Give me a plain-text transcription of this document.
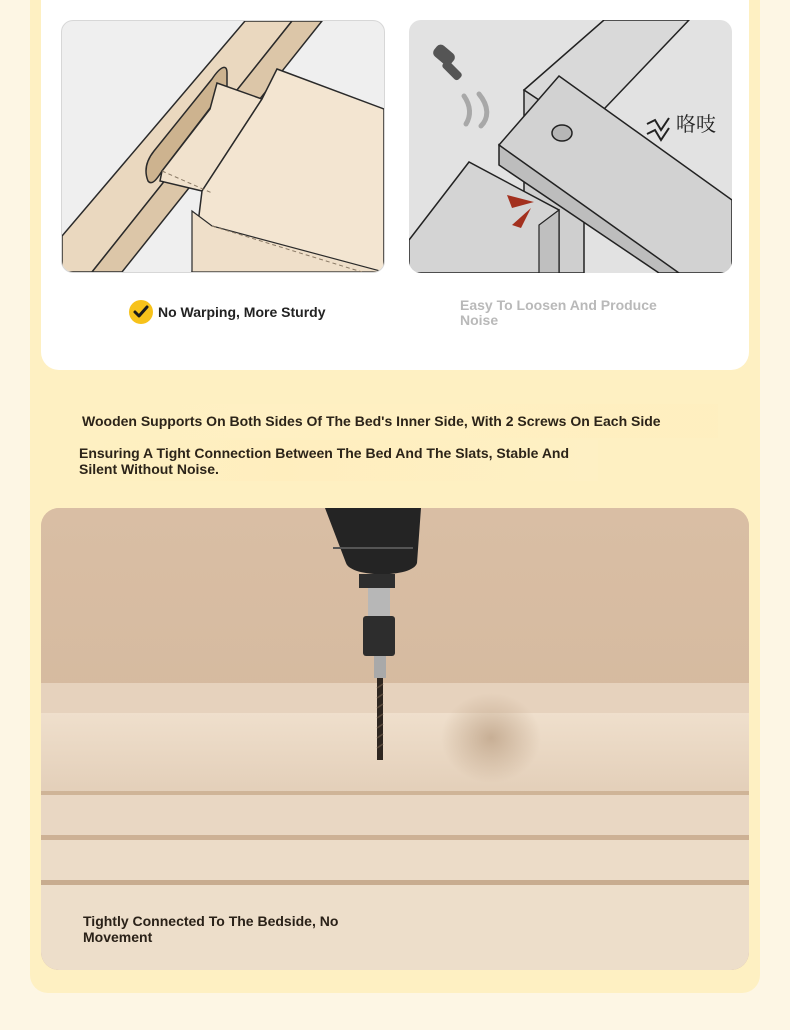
咯吱
No Warping, More Sturdy	Easy To Loosen And Produce Noise
Wooden Supports On Both Sides Of The Bed's Inner Side, With 2 Screws On Each Side
Ensuring A Tight Connection Between The Bed And The Slats, Stable And Silent Without Noise.
Tightly Connected To The Bedside, No Movement
